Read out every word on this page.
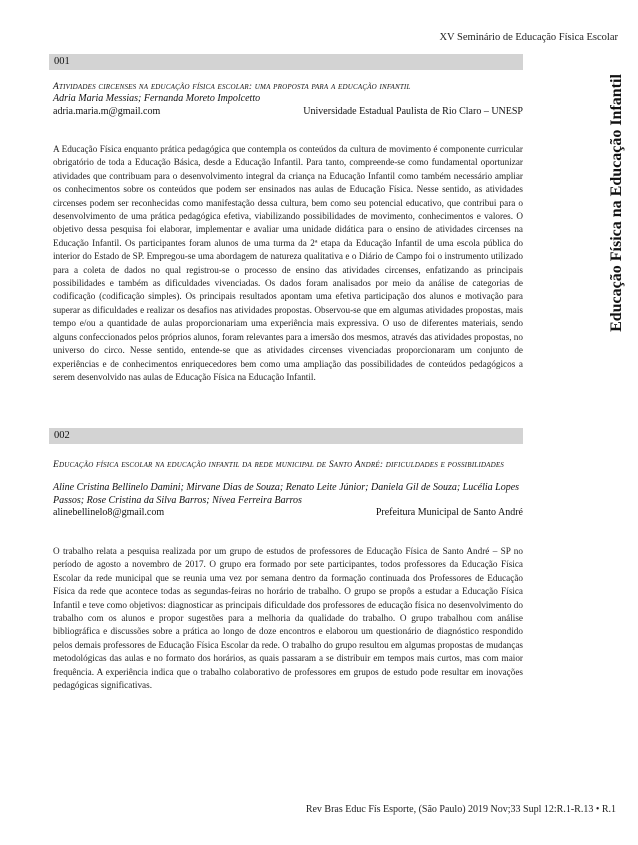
XV Seminário de Educação Física Escolar
Educação Física na Educação Infantil
001
Atividades circenses na educação física escolar: uma proposta para a educação infantil
Adria Maria Messias; Fernanda Moreto Impolcetto
adria.maria.m@gmail.com	Universidade Estadual Paulista de Rio Claro – UNESP

A Educação Física enquanto prática pedagógica que contempla os conteúdos da cultura de movimento é componente curricular obrigatório de toda a Educação Básica, desde a Educação Infantil. Para tanto, compreende-se como fundamental oportunizar atividades que contribuam para o desenvolvimento integral da criança na Educação Infantil como também necessário ampliar os conhecimentos sobre os conteúdos que podem ser ensinados nas aulas de Educação Física. Nesse sentido, as atividades circenses podem ser reconhecidas como manifestação dessa cultura, bem como seu potencial educativo, que contribui para o desenvolvimento de uma prática pedagógica efetiva, viabilizando possibilidades de movimento, conhecimentos e valores. O objetivo dessa pesquisa foi elaborar, implementar e avaliar uma unidade didática para o ensino de atividades circenses na Educação Infantil. Os participantes foram alunos de uma turma da 2ª etapa da Educação Infantil de uma escola pública do interior do Estado de SP. Empregou-se uma abordagem de natureza qualitativa e o Diário de Campo foi o instrumento utilizado para a coleta de dados no qual registrou-se o processo de ensino das atividades circenses, enfatizando as principais possibilidades e também as dificuldades vivenciadas. Os dados foram analisados por meio da análise de categorias de codificação (codificação simples). Os principais resultados apontam uma efetiva participação dos alunos e motivação para superar as dificuldades e realizar os desafios nas atividades propostas. Observou-se que em algumas atividades propostas, mais tempo e/ou a quantidade de aulas proporcionariam uma experiência mais expressiva. O uso de diferentes materiais, sendo alguns confeccionados pelos próprios alunos, foram relevantes para a imersão dos mesmos, através das atividades propostas, no universo do circo. Nesse sentido, entende-se que as atividades circenses vivenciadas proporcionaram um conjunto de experiências e de conhecimentos enriquecedores bem como uma ampliação das possibilidades de conteúdos pedagógicos a serem desenvolvido nas aulas de Educação Física na Educação Infantil.

002
Educação física escolar na educação infantil da rede municipal de Santo André: dificuldades e possibilidades
Aline Cristina Bellinelo Damini; Mirvane Dias de Souza; Renato Leite Júnior; Daniela Gil de Souza; Lucélia Lopes Passos; Rose Cristina da Silva Barros; Nívea Ferreira Barros
alinebellinelo8@gmail.com	Prefeitura Municipal de Santo André

O trabalho relata a pesquisa realizada por um grupo de estudos de professores de Educação Física de Santo André – SP no período de agosto a novembro de 2017. O grupo era formado por sete participantes, todos professores da Educação Física Escolar da rede municipal que se reunia uma vez por semana dentro da formação continuada dos Professores de Educação Física da rede que acontece todas as segundas-feiras no horário de trabalho. O grupo se propôs a estudar a Educação Física Infantil e teve como objetivos: diagnosticar as principais dificuldade dos professores de educação física no desenvolvimento do trabalho com os alunos e propor sugestões para a melhoria da qualidade do trabalho. O grupo trabalhou com análise bibliográfica e discussões sobre a prática ao longo de doze encontros e elaborou um questionário de diagnóstico respondido pelos demais professores de Educação Física Escolar da rede. O trabalho do grupo resultou em algumas propostas de mudanças metodológicas das aulas e no formato dos horários, as quais passaram a se distribuir em tempos mais curtos, mas com maior frequência. A experiência indica que o trabalho colaborativo de professores em grupos de estudo pode resultar em inovações pedagógicas significativas.

Rev Bras Educ Fís Esporte, (São Paulo) 2019 Nov;33 Supl 12:R.1-R.13 • R.1
